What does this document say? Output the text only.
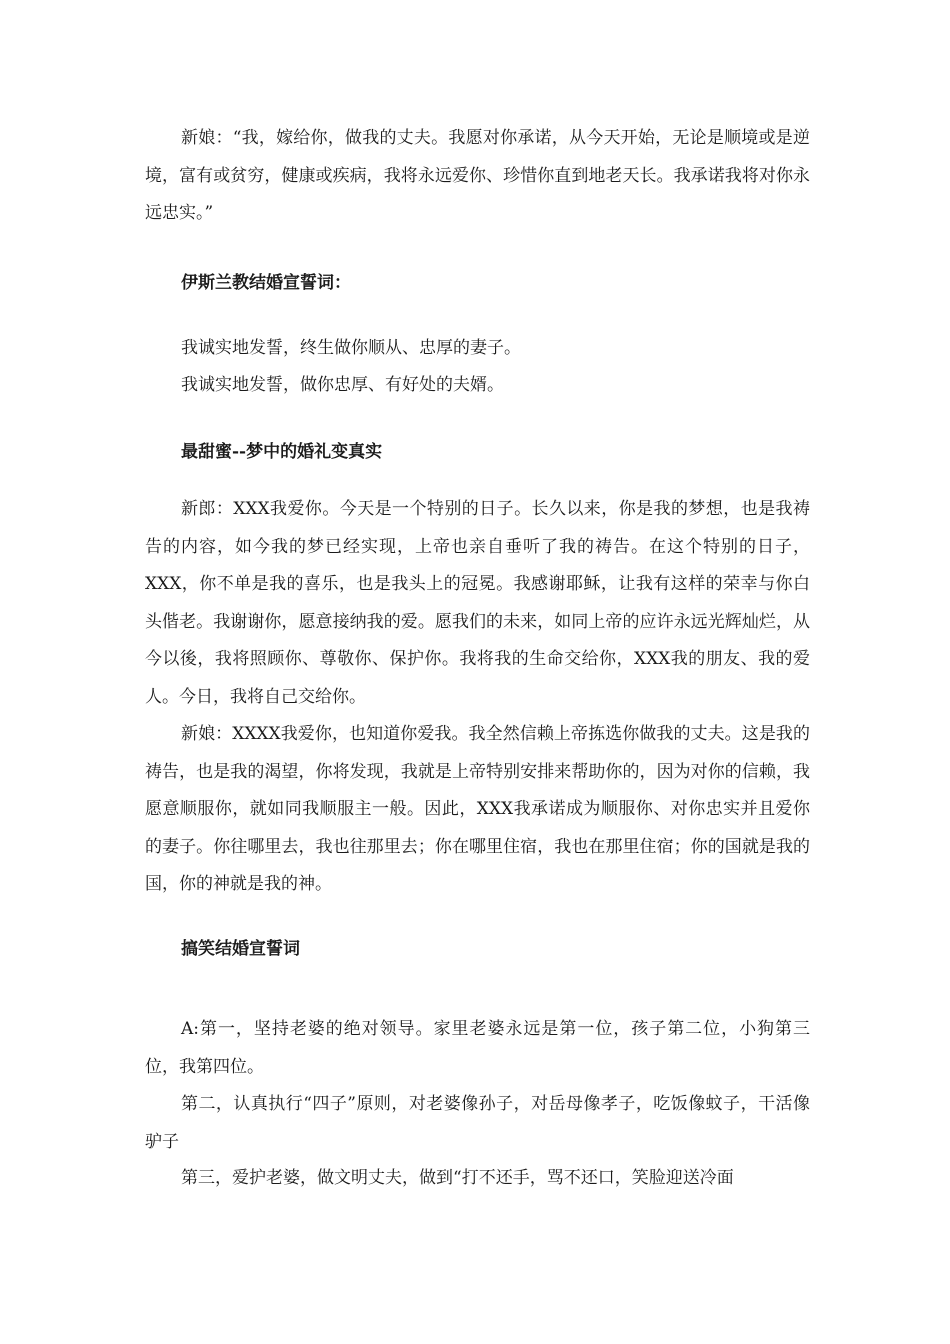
新娘：“我，嫁给你，做我的丈夫。我愿对你承诺，从今天开始，无论是顺境或是逆境，富有或贫穷，健康或疾病，我将永远爱你、珍惜你直到地老天长。我承诺我将对你永远忠实。”

伊斯兰教结婚宣誓词：

我诚实地发誓，终生做你顺从、忠厚的妻子。

我诚实地发誓，做你忠厚、有好处的夫婿。

最甜蜜--梦中的婚礼变真实

新郎：XXX我爱你。今天是一个特别的日子。长久以来，你是我的梦想，也是我祷告的内容，如今我的梦已经实现，上帝也亲自垂听了我的祷告。在这个特别的日子，XXX，你不单是我的喜乐，也是我头上的冠冕。我感谢耶稣，让我有这样的荣幸与你白头偕老。我谢谢你，愿意接纳我的爱。愿我们的未来，如同上帝的应许永远光辉灿烂，从今以後，我将照顾你、尊敬你、保护你。我将我的生命交给你，XXX我的朋友、我的爱人。今日，我将自己交给你。

新娘：XXXX我爱你，也知道你爱我。我全然信赖上帝拣选你做我的丈夫。这是我的祷告，也是我的渴望，你将发现，我就是上帝特别安排来帮助你的，因为对你的信赖，我愿意顺服你，就如同我顺服主一般。因此，XXX我承诺成为顺服你、对你忠实并且爱你的妻子。你往哪里去，我也往那里去；你在哪里住宿，我也在那里住宿；你的国就是我的国，你的神就是我的神。

搞笑结婚宣誓词

A:第一，坚持老婆的绝对领导。家里老婆永远是第一位，孩子第二位，小狗第三位，我第四位。

第二，认真执行“四子”原则，对老婆像孙子，对岳母像孝子，吃饭像蚊子，干活像驴子

第三，爱护老婆，做文明丈夫，做到“打不还手，骂不还口，笑脸迎送冷面
